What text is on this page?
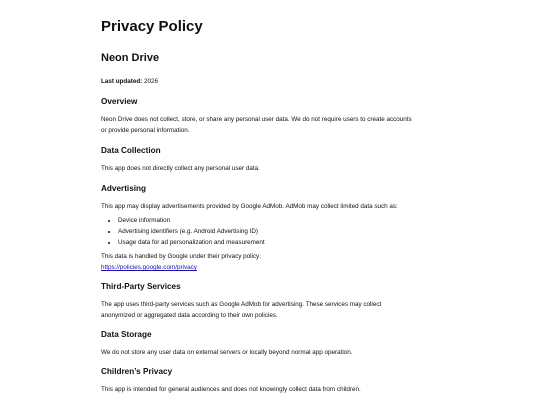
Privacy Policy
Neon Drive

Last updated: 2026

Overview

Neon Drive does not collect, store, or share any personal user data. We do not require users to create accounts

or provide personal information.

Data Collection

This app does not directly collect any personal user data.

Advertising

This app may display advertisements provided by Google AdMob. AdMob may collect limited data such as:

• Device information
• Advertising identifiers (e.g. Android Advertising ID)
• Usage data for ad personalization and measurement

This data is handled by Google under their privacy policy:

https://policies.google.com/privacy

Third-Party Services

The app uses third-party services such as Google AdMob for advertising. These services may collect

anonymized or aggregated data according to their own policies.

Data Storage

We do not store any user data on external servers or locally beyond normal app operation.

Children’s Privacy

This app is intended for general audiences and does not knowingly collect data from children.
